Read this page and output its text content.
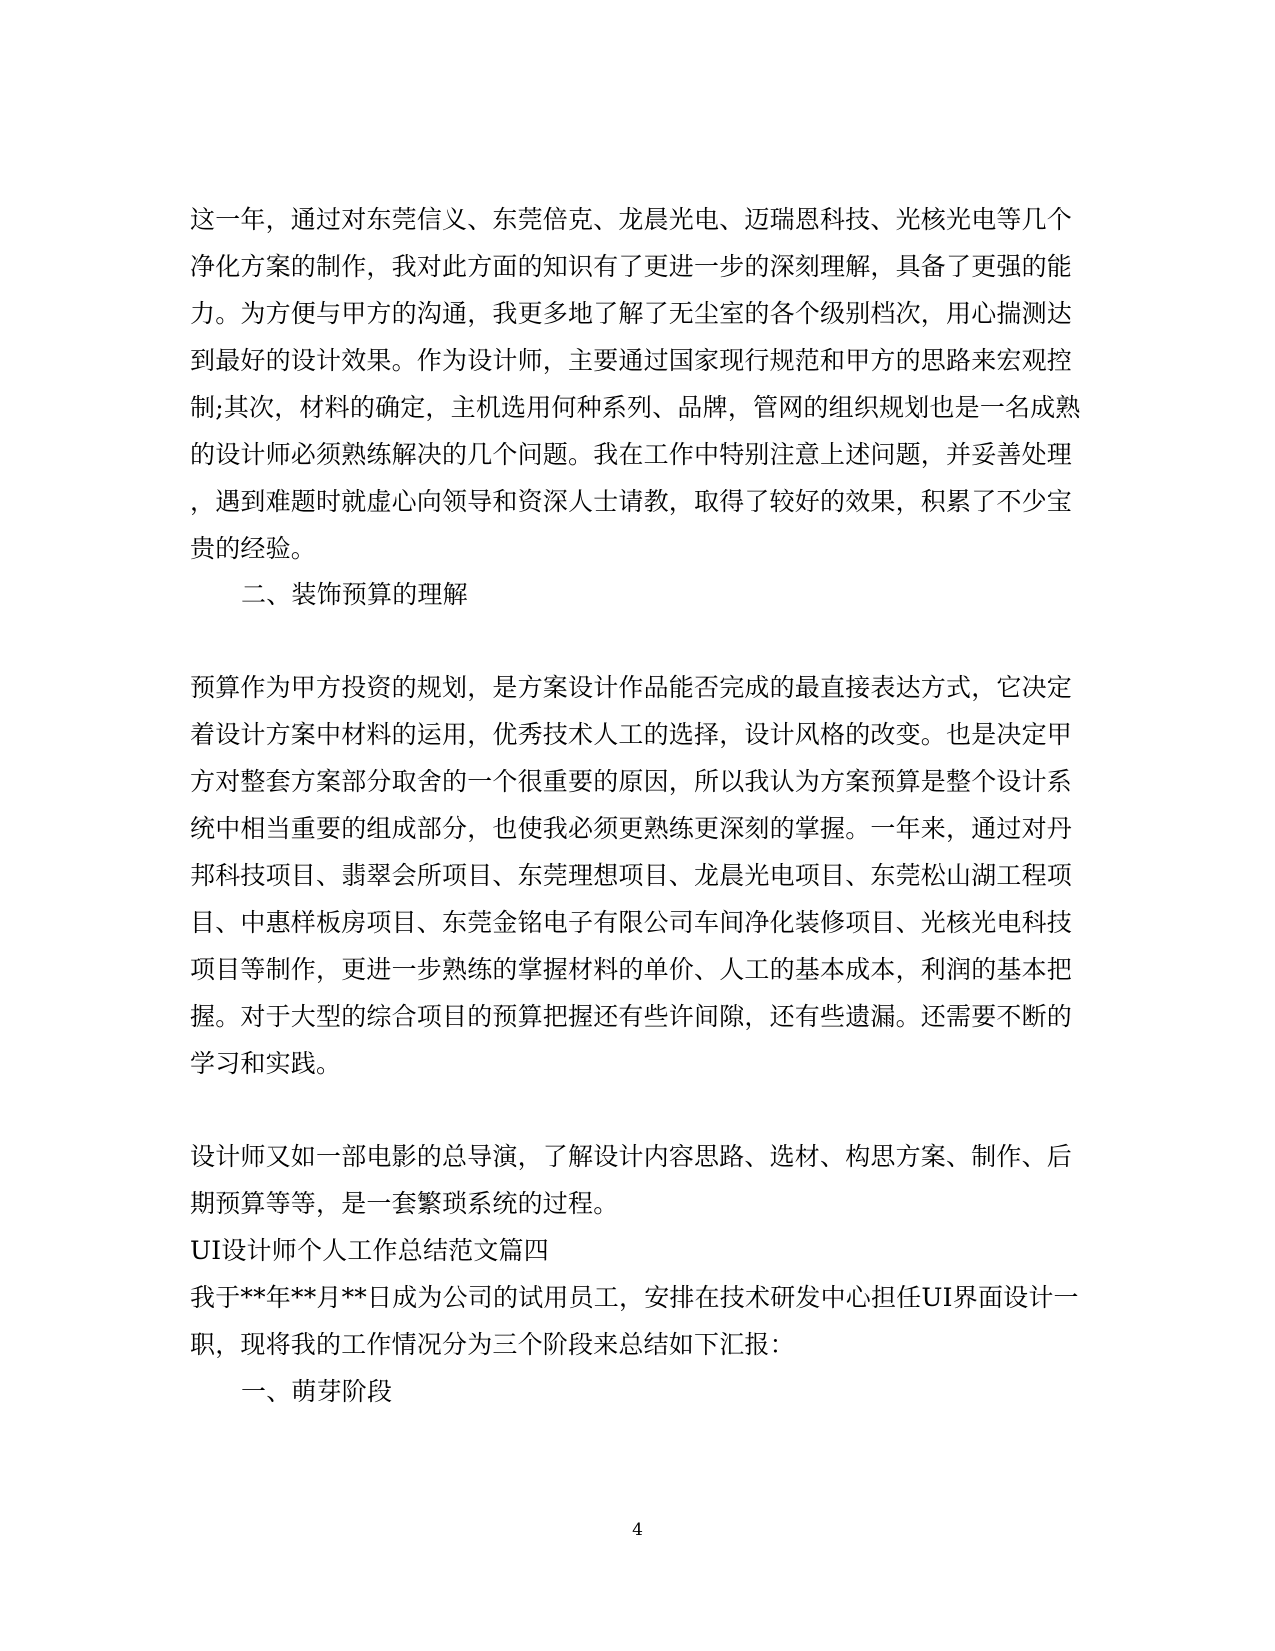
这一年，通过对东莞信义、东莞倍克、龙晨光电、迈瑞恩科技、光核光电等几个
净化方案的制作，我对此方面的知识有了更进一步的深刻理解，具备了更强的能
力。为方便与甲方的沟通，我更多地了解了无尘室的各个级别档次，用心揣测达
到最好的设计效果。作为设计师，主要通过国家现行规范和甲方的思路来宏观控
制;其次，材料的确定，主机选用何种系列、品牌，管网的组织规划也是一名成熟
的设计师必须熟练解决的几个问题。我在工作中特别注意上述问题，并妥善处理
，遇到难题时就虚心向领导和资深人士请教，取得了较好的效果，积累了不少宝
贵的经验。
二、装饰预算的理解
预算作为甲方投资的规划，是方案设计作品能否完成的最直接表达方式，它决定
着设计方案中材料的运用，优秀技术人工的选择，设计风格的改变。也是决定甲
方对整套方案部分取舍的一个很重要的原因，所以我认为方案预算是整个设计系
统中相当重要的组成部分，也使我必须更熟练更深刻的掌握。一年来，通过对丹
邦科技项目、翡翠会所项目、东莞理想项目、龙晨光电项目、东莞松山湖工程项
目、中惠样板房项目、东莞金铭电子有限公司车间净化装修项目、光核光电科技
项目等制作，更进一步熟练的掌握材料的单价、人工的基本成本，利润的基本把
握。对于大型的综合项目的预算把握还有些许间隙，还有些遗漏。还需要不断的
学习和实践。
设计师又如一部电影的总导演，了解设计内容思路、选材、构思方案、制作、后
期预算等等，是一套繁琐系统的过程。
UI设计师个人工作总结范文篇四
我于**年**月**日成为公司的试用员工，安排在技术研发中心担任UI界面设计一
职，现将我的工作情况分为三个阶段来总结如下汇报：
一、萌芽阶段
4
